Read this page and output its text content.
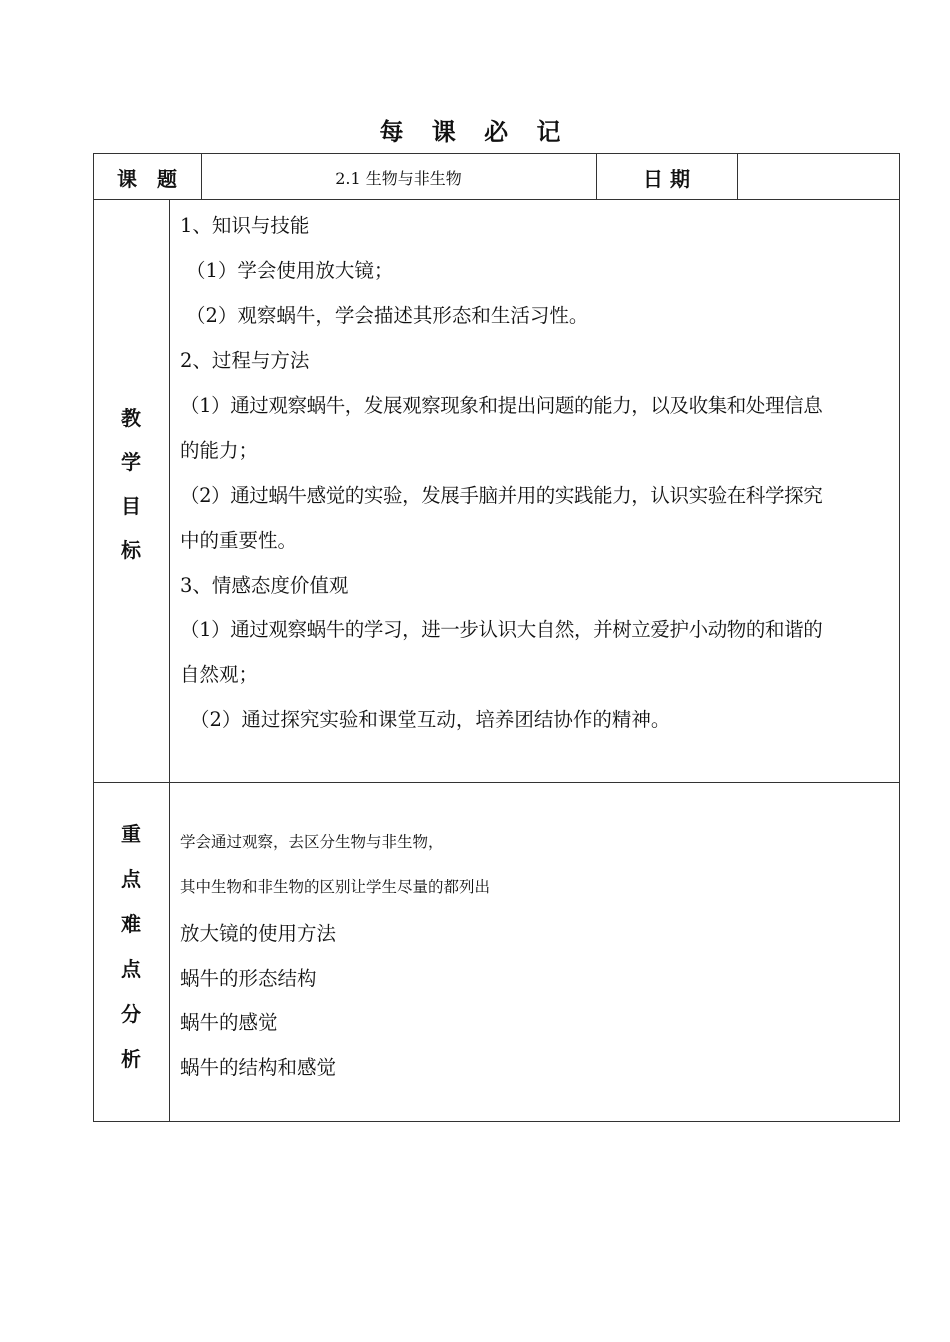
每 课 必 记
课　题	2.1 生物与非生物	日 期
教
学
目
标
1、知识与技能
（1）学会使用放大镜；
（2）观察蜗牛，学会描述其形态和生活习性。
2、过程与方法
（1）通过观察蜗牛，发展观察现象和提出问题的能力，以及收集和处理信息
的能力；
（2）通过蜗牛感觉的实验，发展手脑并用的实践能力，认识实验在科学探究
中的重要性。
3、情感态度价值观
（1）通过观察蜗牛的学习，进一步认识大自然，并树立爱护小动物的和谐的
自然观；
（2）通过探究实验和课堂互动，培养团结协作的精神。
重
点
难
点
分
析
学会通过观察，去区分生物与非生物，
其中生物和非生物的区别让学生尽量的都列出
放大镜的使用方法
蜗牛的形态结构
蜗牛的感觉
蜗牛的结构和感觉
